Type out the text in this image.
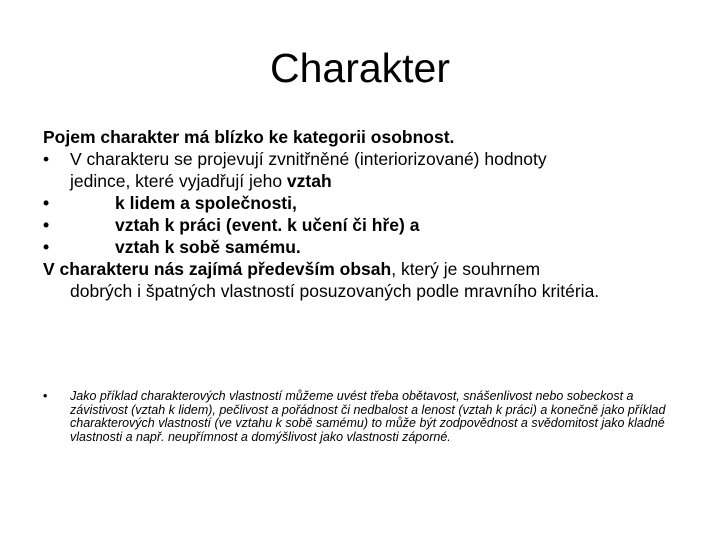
Charakter
Pojem charakter má blízko ke kategorii osobnost.
•	V charakteru se projevují zvnitřněné (interiorizované) hodnoty
jedince, které vyjadřují jeho vztah
•	k lidem a společnosti,
•	vztah k práci (event. k učení či hře) a
•	vztah k sobě samému.
V charakteru nás zajímá především obsah, který je souhrnem
dobrých i špatných vlastností posuzovaných podle mravního kritéria.
•	Jako příklad charakterových vlastností můžeme uvést třeba obětavost, snášenlivost nebo sobeckost a závistivost (vztah k lidem), pečlivost a pořádnost či nedbalost a lenost (vztah k práci) a konečně jako příklad charakterových vlastností (ve vztahu k sobě samému) to může být zodpovědnost a svědomitost jako kladné vlastnosti a např. neupřímnost a domýšlivost jako vlastnosti záporné.
